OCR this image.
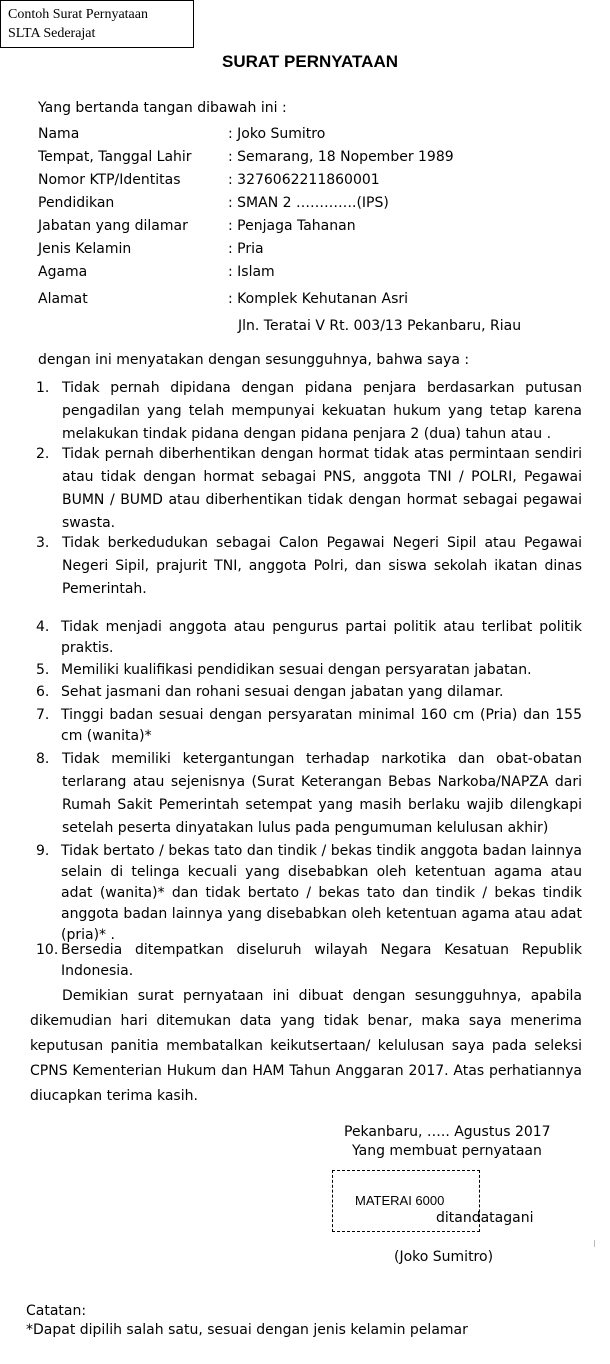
Contoh Surat Pernyataan
SLTA Sederajat
SURAT PERNYATAAN
Yang bertanda tangan dibawah ini :
Nama	: Joko Sumitro
Tempat, Tanggal Lahir	: Semarang, 18 Nopember 1989
Nomor KTP/Identitas	: 3276062211860001
Pendidikan	: SMAN 2 ………….(IPS)
Jabatan yang dilamar	: Penjaga Tahanan
Jenis Kelamin	: Pria
Agama	: Islam
Alamat	: Komplek Kehutanan Asri
Jln. Teratai V Rt. 003/13 Pekanbaru, Riau
dengan ini menyatakan dengan sesungguhnya, bahwa saya :
1. Tidak pernah dipidana dengan pidana penjara berdasarkan putusan pengadilan yang telah mempunyai kekuatan hukum yang tetap karena melakukan tindak pidana dengan pidana penjara 2 (dua) tahun atau .
2. Tidak pernah diberhentikan dengan hormat tidak atas permintaan sendiri atau tidak dengan hormat sebagai PNS, anggota TNI / POLRI, Pegawai BUMN / BUMD atau diberhentikan tidak dengan hormat sebagai pegawai swasta.
3. Tidak berkedudukan sebagai Calon Pegawai Negeri Sipil atau Pegawai Negeri Sipil, prajurit TNI, anggota Polri, dan siswa sekolah ikatan dinas Pemerintah.
4. Tidak menjadi anggota atau pengurus partai politik atau terlibat politik praktis.
5. Memiliki kualifikasi pendidikan sesuai dengan persyaratan jabatan.
6. Sehat jasmani dan rohani sesuai dengan jabatan yang dilamar.
7. Tinggi badan sesuai dengan persyaratan minimal 160 cm (Pria) dan 155 cm (wanita)*
8. Tidak memiliki ketergantungan terhadap narkotika dan obat-obatan terlarang atau sejenisnya (Surat Keterangan Bebas Narkoba/NAPZA dari Rumah Sakit Pemerintah setempat yang masih berlaku wajib dilengkapi setelah peserta dinyatakan lulus pada pengumuman kelulusan akhir)
9. Tidak bertato / bekas tato dan tindik / bekas tindik anggota badan lainnya selain di telinga kecuali yang disebabkan oleh ketentuan agama atau adat (wanita)* dan tidak bertato / bekas tato dan tindik / bekas tindik anggota badan lainnya yang disebabkan oleh ketentuan agama atau adat (pria)* .
10. Bersedia ditempatkan diseluruh wilayah Negara Kesatuan Republik Indonesia.
Demikian surat pernyataan ini dibuat dengan sesungguhnya, apabila dikemudian hari ditemukan data yang tidak benar, maka saya menerima keputusan panitia membatalkan keikutsertaan/ kelulusan saya pada seleksi CPNS Kementerian Hukum dan HAM Tahun Anggaran 2017. Atas perhatiannya diucapkan terima kasih.
Pekanbaru, ….. Agustus 2017
Yang membuat pernyataan
MATERAI 6000
ditandatagani
(Joko Sumitro)
Catatan:
*Dapat dipilih salah satu, sesuai dengan jenis kelamin pelamar
